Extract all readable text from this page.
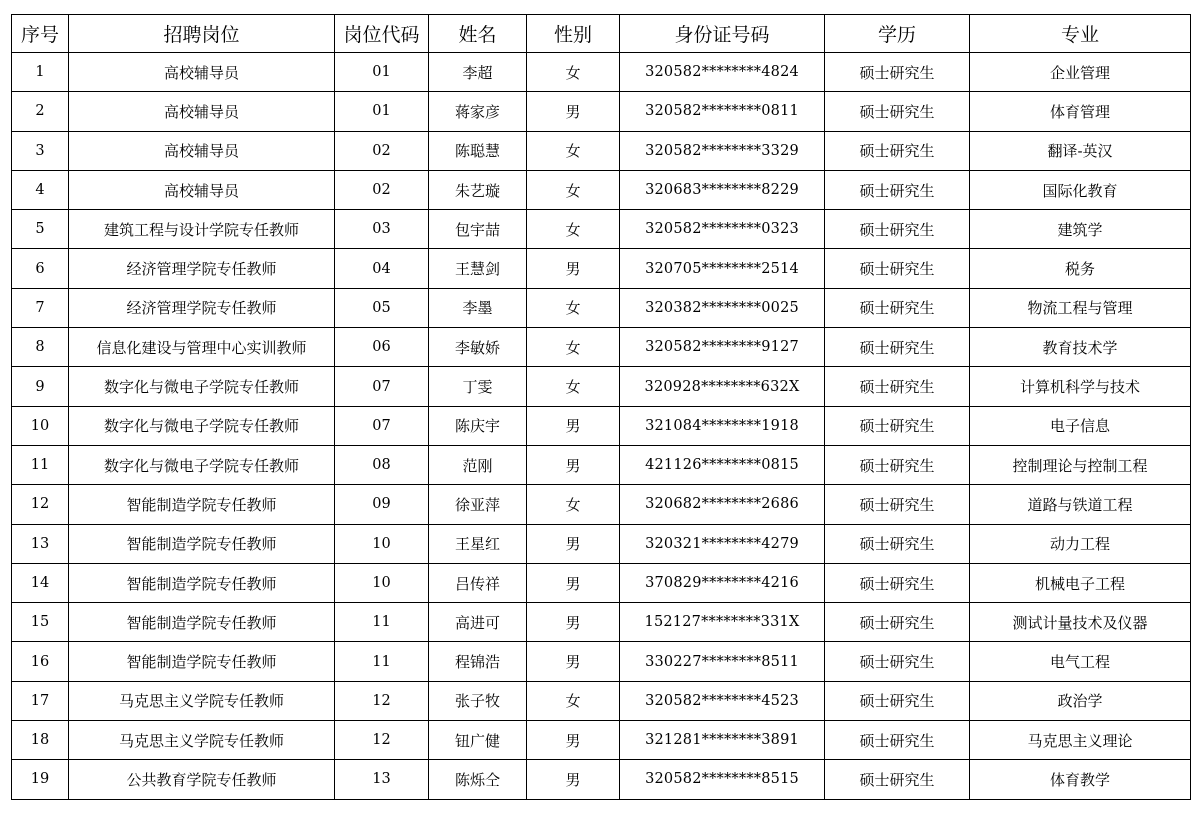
序号	招聘岗位	岗位代码	姓名	性别	身份证号码	学历	专业
1	高校辅导员	01	李超	女	320582********4824	硕士研究生	企业管理
2	高校辅导员	01	蒋家彦	男	320582********0811	硕士研究生	体育管理
3	高校辅导员	02	陈聪慧	女	320582********3329	硕士研究生	翻译-英汉
4	高校辅导员	02	朱艺璇	女	320683********8229	硕士研究生	国际化教育
5	建筑工程与设计学院专任教师	03	包宇喆	女	320582********0323	硕士研究生	建筑学
6	经济管理学院专任教师	04	王慧剑	男	320705********2514	硕士研究生	税务
7	经济管理学院专任教师	05	李墨	女	320382********0025	硕士研究生	物流工程与管理
8	信息化建设与管理中心实训教师	06	李敏娇	女	320582********9127	硕士研究生	教育技术学
9	数字化与微电子学院专任教师	07	丁雯	女	320928********632X	硕士研究生	计算机科学与技术
10	数字化与微电子学院专任教师	07	陈庆宇	男	321084********1918	硕士研究生	电子信息
11	数字化与微电子学院专任教师	08	范刚	男	421126********0815	硕士研究生	控制理论与控制工程
12	智能制造学院专任教师	09	徐亚萍	女	320682********2686	硕士研究生	道路与铁道工程
13	智能制造学院专任教师	10	王星红	男	320321********4279	硕士研究生	动力工程
14	智能制造学院专任教师	10	吕传祥	男	370829********4216	硕士研究生	机械电子工程
15	智能制造学院专任教师	11	高进可	男	152127********331X	硕士研究生	测试计量技术及仪器
16	智能制造学院专任教师	11	程锦浩	男	330227********8511	硕士研究生	电气工程
17	马克思主义学院专任教师	12	张子牧	女	320582********4523	硕士研究生	政治学
18	马克思主义学院专任教师	12	钮广健	男	321281********3891	硕士研究生	马克思主义理论
19	公共教育学院专任教师	13	陈烁仝	男	320582********8515	硕士研究生	体育教学
